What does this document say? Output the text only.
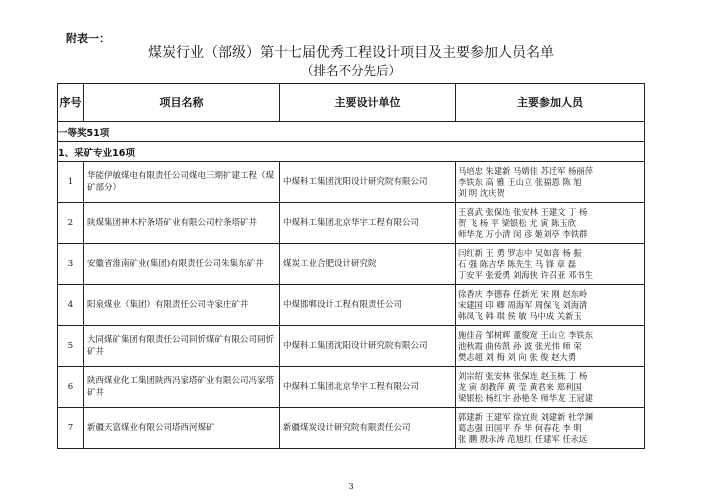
附表一：
煤炭行业（部级）第十七届优秀工程设计项目及主要参加人员名单
（排名不分先后）
序号	项目名称	主要设计单位	主要参加人员
一等奖51项			
1、采矿专业16项			
1	华能伊敏煤电有限责任公司煤电三期扩建工程（煤矿部分）	中煤科工集团沈阳设计研究院有限公司	马培忠 朱建新 马婧佳 苏迁军 杨丽萍
李铁东 高 雅 王山立 张福恩 陈 旭
刘 明 沈庆贺

2	陕煤集团神木柠条塔矿业有限公司柠条塔矿井	中煤科工集团北京华宇工程有限公司	王喜武 张保连 张安林 王建文 丁 杨
贺 飞 杨 平 梁银松 尤 寅 陈玉欣
师华龙 万小清 闵 彦 姬刘亭 李铁群

3	安徽省淮南矿业(集团)有限责任公司朱集东矿井	煤炭工业合肥设计研究院	闫红新 王 勇 罗志中 吴如喜 杨 振
石 强 陈吉华 陈先生 马 锋 章 磊
丁安平 张爱勇 刘海侠 许召亚 邓书生

4	阳泉煤业（集团）有限责任公司寺家庄矿井	中煤邯郸设计工程有限责任公司	徐香庆 李德春 任新光 宋 刚 赵东岭
宋建国 印 卿 周海军 周保飞 刘海清
韩凤飞 韩 琪 侯 敏 马中成 关新玉

5	大同煤矿集团有限责任公司同忻煤矿有限公司同忻矿井	中煤科工集团沈阳设计研究院有限公司	施佳音 邹树辉 董俊宽 王山立 李铁东
池秋霞 曲传凯 孙 波 张光伟 师 荣
樊志超 刘 梅 刘 向 张 俊 赵大勇

6	陕西煤业化工集团陕西冯家塔矿业有限公司冯家塔矿井	中煤科工集团北京华宇工程有限公司	刘宗绍 张安林 张保连 赵玉栋 丁 杨
龙 寅 胡教萍 黄 莹 黄君来 郑利国
梁银松 杨红宇 孙艳冬 师华龙 王冠建

7	新疆天富煤业有限公司塔西河煤矿	新疆煤炭设计研究院有限责任公司	郭建新 王建军 徐宜贵 刘建新 杜学渊
葛志强 田国平 乔 华 何春花 李 明
张 鹏 殷永涛 范旭红 任建军 任永远
3
